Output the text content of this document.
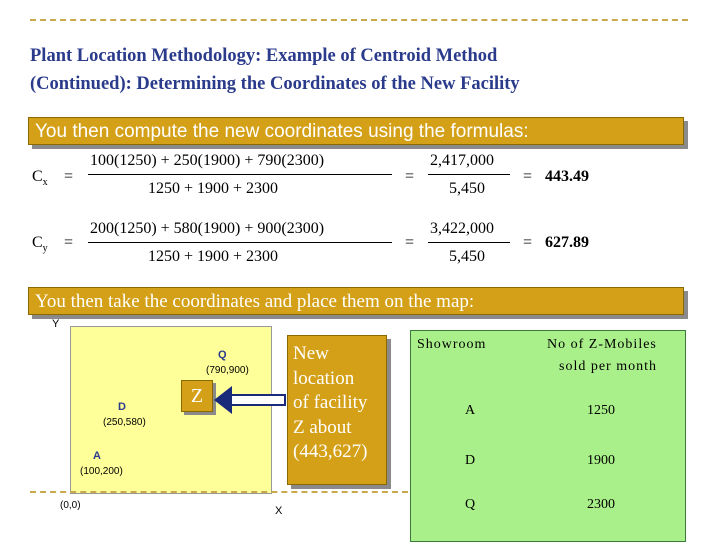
Plant Location Methodology: Example of Centroid Method
(Continued): Determining the Coordinates of the New Facility
You then compute the new coordinates using the formulas:
$C_x$ =
100(1250) + 250(1900) + 790(2300)
1250 + 1900 + 2300
=
2,417,000
5,450
= 443.49
$C_y$ =
200(1250) + 580(1900) + 900(2300)
1250 + 1900 + 2300
=
3,422,000
5,450
= 627.89
You then take the coordinates and place them on the map:
Y
Q
(790,900)
D
(250,580)
A
(100,200)
(0,0)	X
Z
New
location
of facility
Z about
(443,627)
Showroom	No of Z-Mobiles
sold per month
A	1250
D	1900
Q	2300
